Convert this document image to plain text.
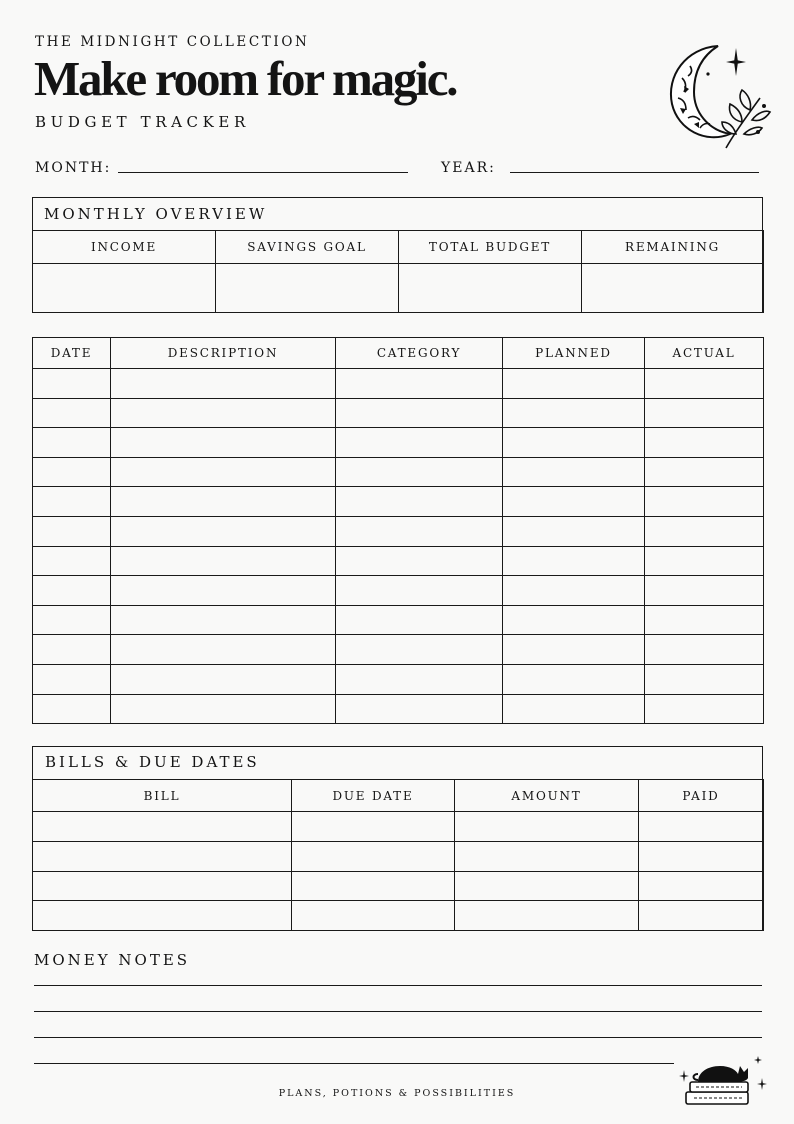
THE MIDNIGHT COLLECTION
Make room for magic.
BUDGET TRACKER
MONTH:	YEAR:
MONTHLY OVERVIEW
INCOME	SAVINGS GOAL	TOTAL BUDGET	REMAINING

DATE	DESCRIPTION	CATEGORY	PLANNED	ACTUAL

BILLS & DUE DATES
BILL	DUE DATE	AMOUNT	PAID

MONEY NOTES
PLANS, POTIONS & POSSIBILITIES
